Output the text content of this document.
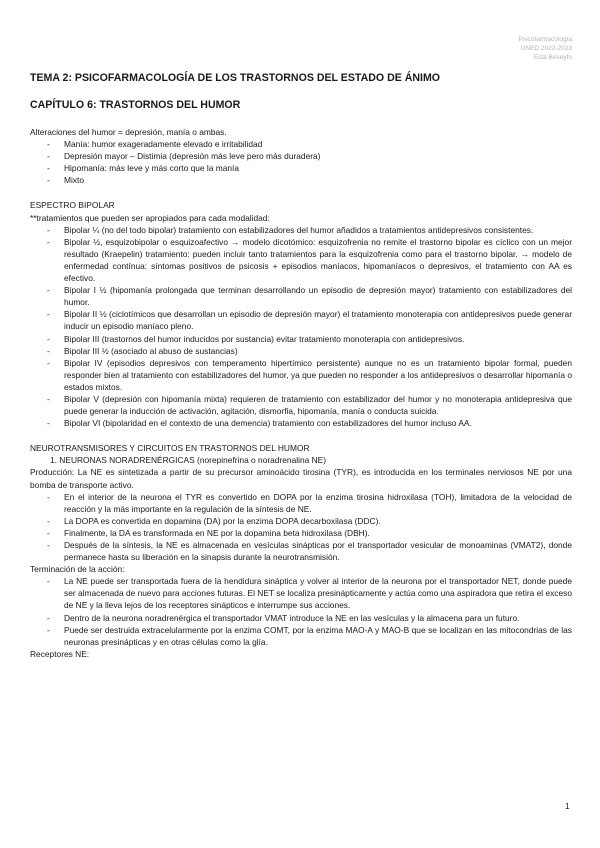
Psicofarmacología
UNED 2022-2023
Esta Beseyfo
TEMA 2: PSICOFARMACOLOGÍA DE LOS TRASTORNOS DEL ESTADO DE ÁNIMO
CAPÍTULO 6: TRASTORNOS DEL HUMOR

Alteraciones del humor = depresión, manía o ambas.

- Manía: humor exageradamente elevado e irritabilidad
- Depresión mayor – Distimia (depresión más leve pero más duradera)
- Hipomanía: más leve y más corto que la manía
- Mixto

ESPECTRO BIPOLAR

**tratamientos que pueden ser apropiados para cada modalidad:

- Bipolar ¼ (no del todo bipolar) tratamiento con estabilizadores del humor añadidos a tratamientos antidepresivos consistentes.
- Bipolar ½, esquizobipolar o esquizoafectivo → modelo dicotómico: esquizofrenia no remite el trastorno bipolar es cíclico con un mejor resultado (Kraepelin) tratamiento: pueden incluir tanto tratamientos para la esquizofrenia como para el trastorno bipolar. → modelo de enfermedad contínua: síntomas positivos de psicosis + episodios maníacos, hipomaníacos o depresivos, el tratamiento con AA es efectivo.
- Bipolar I ½ (hipomanía prolongada que terminan desarrollando un episodio de depresión mayor) tratamiento con estabilizadores del humor.
- Bipolar II ½ (ciclotímicos que desarrollan un episodio de depresión mayor) el tratamiento monoterapia con antidepresivos puede generar inducir un episodio maníaco pleno.
- Bipolar III (trastornos del humor inducidos por sustancia) evitar tratamiento monoterapia con antidepresivos.
- Bipolar III ½ (asociado al abuso de sustancias)
- Bipolar IV (episodios depresivos con temperamento hipertímico persistente) aunque no es un tratamiento bipolar formal, pueden responder bien al tratamiento con estabilizadores del humor, ya que pueden no responder a los antidepresivos o desarrollar hipomanía o estados mixtos.
- Bipolar V (depresión con hipomanía mixta) requieren de tratamiento con estabilizador del humor y no monoterapia antidepresiva que puede generar la inducción de activación, agitación, dismorfia, hipomanía, manía o conducta suicida.
- Bipolar VI (bipolaridad en el contexto de una demencia) tratamiento con estabilizadores del humor incluso AA.

NEUROTRANSMISORES Y CIRCUITOS EN TRASTORNOS DEL HUMOR

1. NEURONAS NORADRENÉRGICAS (norepinefrina o noradrenalina NE)

Producción: La NE es sintetizada a partir de su precursor aminoácido tirosina (TYR), es introducida en los terminales nerviosos NE por una bomba de transporte activo.

- En el interior de la neurona el TYR es convertido en DOPA por la enzima tirosina hidroxilasa (TOH), limitadora de la velocidad de reacción y la más importante en la regulación de la síntesis de NE.
- La DOPA es convertida en dopamina (DA) por la enzima DOPA decarboxilasa (DDC).
- Finalmente, la DA es transformada en NE por la dopamina beta hidroxilasa (DBH).
- Después de la síntesis, la NE es almacenada en vesículas sinápticas por el transportador vesicular de monoaminas (VMAT2), donde permanece hasta su liberación en la sinapsis durante la neurotransmisión.

Terminación de la acción:

- La NE puede ser transportada fuera de la hendidura sináptica y volver al interior de la neurona por el transportador NET, donde puede ser almacenada de nuevo para acciones futuras. El NET se localiza presinápticamente y actúa como una aspiradora que retira el exceso de NE y la lleva lejos de los receptores sinápticos e interrumpe sus acciones.
- Dentro de la neurona noradrenérgica el transportador VMAT introduce la NE en las vesículas y la almacena para un futuro.
- Puede ser destruida extracelularmente por la enzima COMT, por la enzima MAO-A y MAO-B que se localizan en las mitocondrias de las neuronas presinápticas y en otras células como la glía.

Receptores NE:

1
